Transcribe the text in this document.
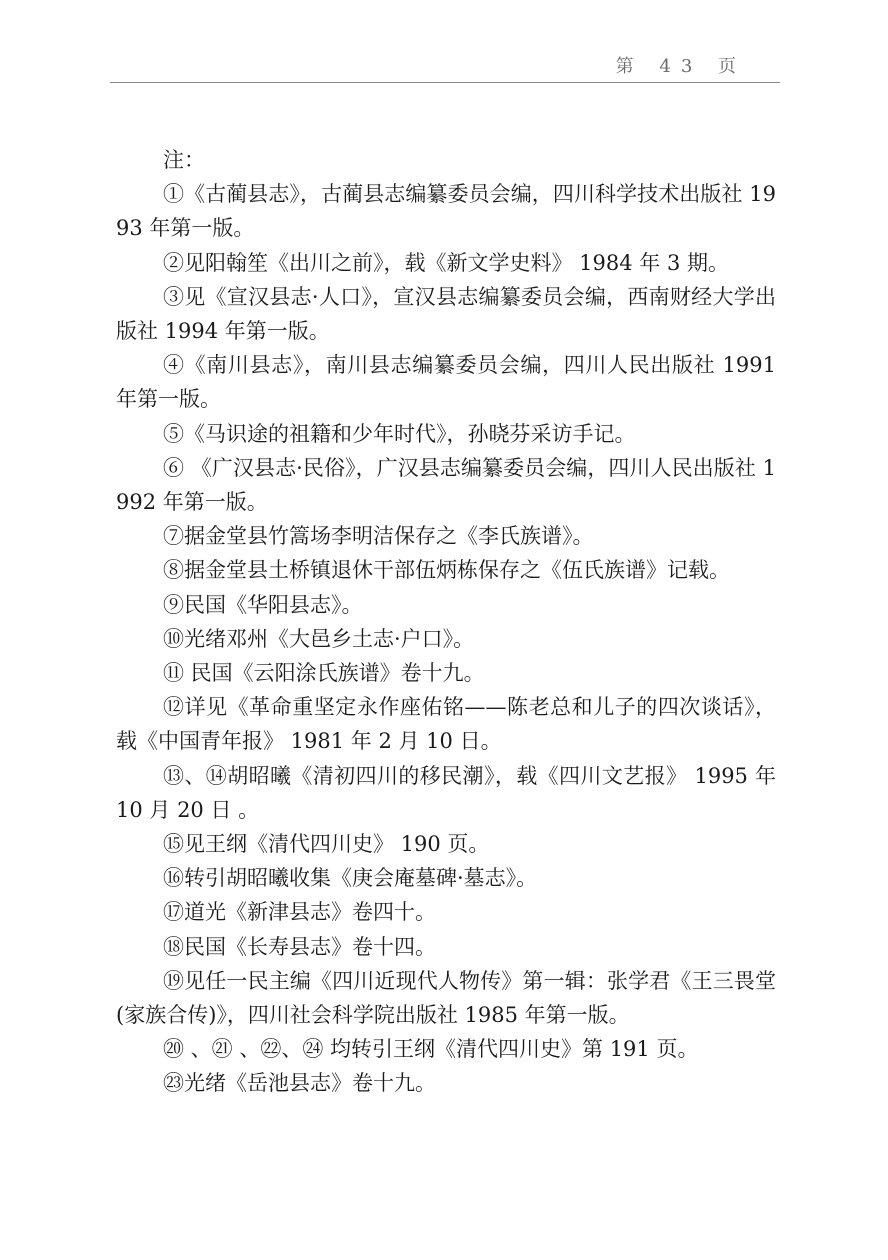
第 43 页

注：

①《古蔺县志》，古蔺县志编纂委员会编，四川科学技术出版社 1993 年第一版。

②见阳翰笙《出川之前》，载《新文学史料》 1984 年 3 期。

③见《宣汉县志·人口》，宣汉县志编纂委员会编，西南财经大学出版社 1994 年第一版。

④《南川县志》，南川县志编纂委员会编，四川人民出版社 1991 年第一版。

⑤《马识途的祖籍和少年时代》，孙晓芬采访手记。

⑥ 《广汉县志·民俗》，广汉县志编纂委员会编，四川人民出版社 1992 年第一版。

⑦据金堂县竹篙场李明洁保存之《李氏族谱》。

⑧据金堂县土桥镇退休干部伍炳栋保存之《伍氏族谱》记载。

⑨民国《华阳县志》。

⑩光绪邓州《大邑乡土志·户口》。

⑪ 民国《云阳涂氏族谱》卷十九。

⑫详见《革命重坚定永作座佑铭——陈老总和儿子的四次谈话》，载《中国青年报》 1981 年 2 月 10 日。

⑬、⑭胡昭曦《清初四川的移民潮》，载《四川文艺报》 1995 年 10 月 20 日 。

⑮见王纲《清代四川史》 190 页。

⑯转引胡昭曦收集《庚会庵墓碑·墓志》。

⑰道光《新津县志》卷四十。

⑱民国《长寿县志》卷十四。

⑲见任一民主编《四川近现代人物传》第一辑：张学君《王三畏堂(家族合传)》，四川社会科学院出版社 1985 年第一版。

⑳ 、㉑ 、㉒、㉔ 均转引王纲《清代四川史》第 191 页。

㉓光绪《岳池县志》卷十九。
